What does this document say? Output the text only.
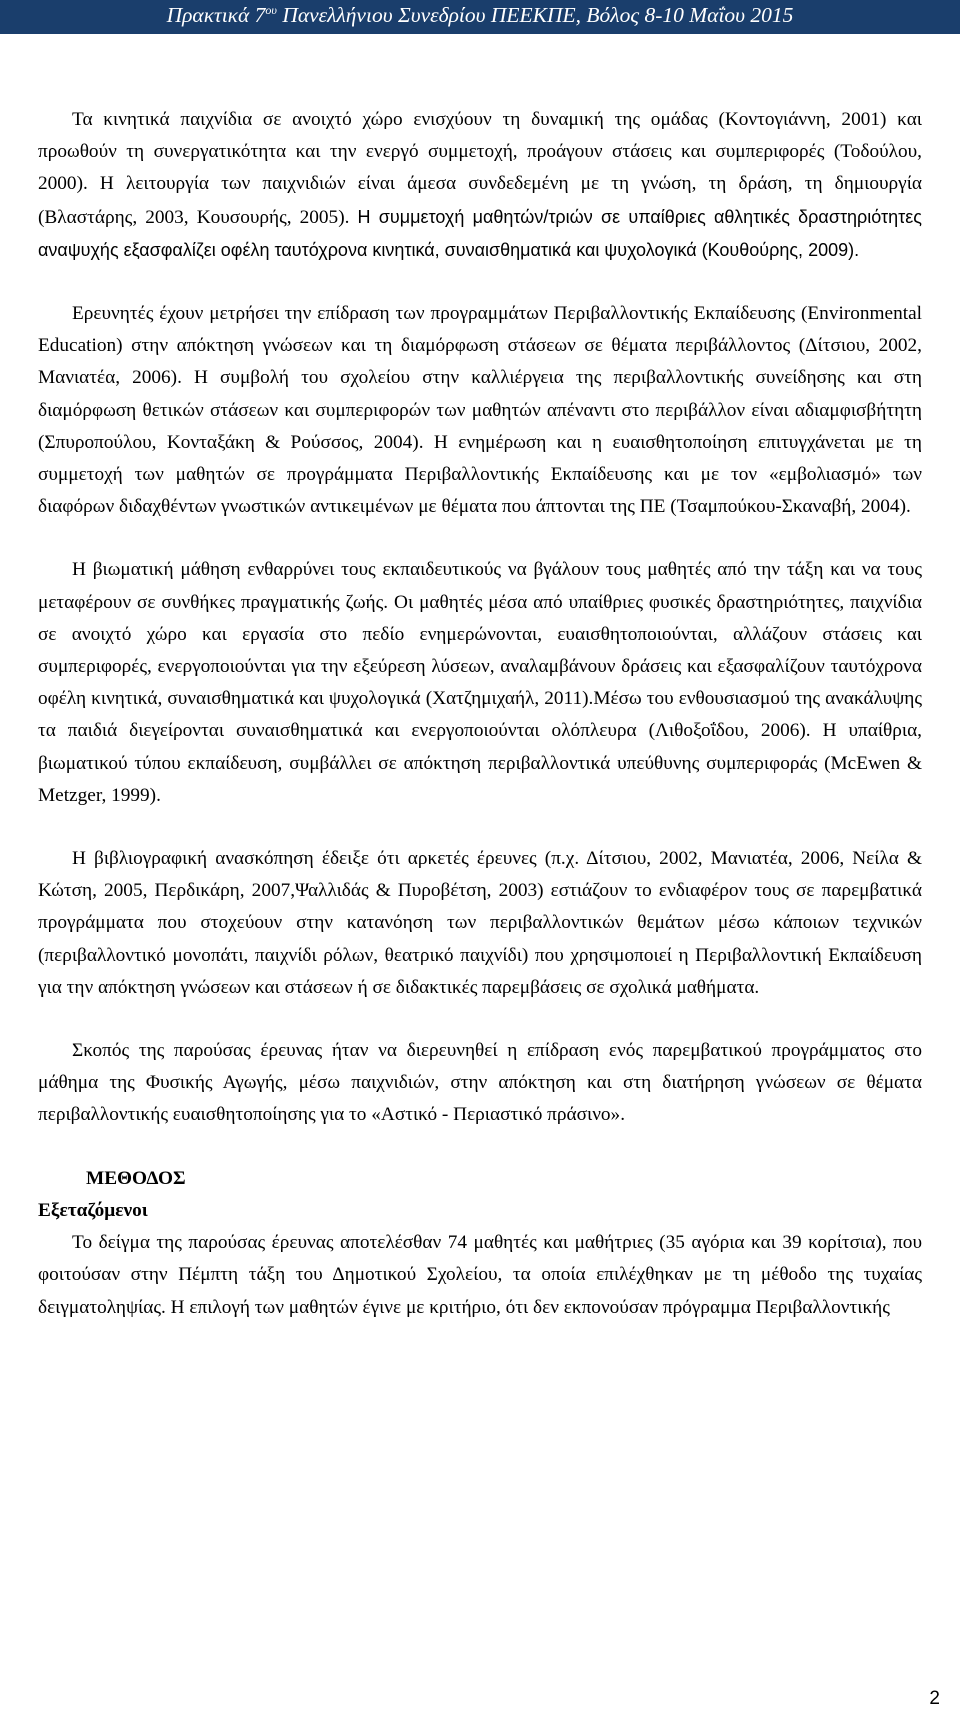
Πρακτικά $7^{o\upsilon}$ Πανελλήνιου Συνεδρίου ΠΕΕΚΠΕ, Βόλος 8-10 Μαΐου 2015

Τα κινητικά παιχνίδια σε ανοιχτό χώρο ενισχύουν τη δυναμική της ομάδας (Κοντογιάννη, 2001) και προωθούν τη συνεργατικότητα και την ενεργό συμμετοχή, προάγουν στάσεις και συμπεριφορές (Τοδούλου, 2000). Η λειτουργία των παιχνιδιών είναι άμεσα συνδεδεμένη με τη γνώση, τη δράση, τη δημιουργία (Βλαστάρης, 2003, Κουσουρής, 2005). Η συμμετοχή μαθητών/τριών σε υπαίθριες αθλητικές δραστηριότητες αναψυχής εξασφαλίζει οφέλη ταυτόχρονα κινητικά, συναισθηματικά και ψυχολογικά (Κουθούρης, 2009).

Ερευνητές έχουν μετρήσει την επίδραση των προγραμμάτων Περιβαλλοντικής Εκπαίδευσης (Environmental Education) στην απόκτηση γνώσεων και τη διαμόρφωση στάσεων σε θέματα περιβάλλοντος (Δίτσιου, 2002, Μανιατέα, 2006). Η συμβολή του σχολείου στην καλλιέργεια της περιβαλλοντικής συνείδησης και στη διαμόρφωση θετικών στάσεων και συμπεριφορών των μαθητών απέναντι στο περιβάλλον είναι αδιαμφισβήτητη (Σπυροπούλου, Κονταξάκη & Ρούσσος, 2004). Η ενημέρωση και η ευαισθητοποίηση επιτυγχάνεται με τη συμμετοχή των μαθητών σε προγράμματα Περιβαλλοντικής Εκπαίδευσης και με τον «εμβολιασμό» των διαφόρων διδαχθέντων γνωστικών αντικειμένων με θέματα που άπτονται της ΠΕ (Τσαμπούκου-Σκαναβή, 2004).

Η βιωματική μάθηση ενθαρρύνει τους εκπαιδευτικούς να βγάλουν τους μαθητές από την τάξη και να τους μεταφέρουν σε συνθήκες πραγματικής ζωής. Οι μαθητές μέσα από υπαίθριες φυσικές δραστηριότητες, παιχνίδια σε ανοιχτό χώρο και εργασία στο πεδίο ενημερώνονται, ευαισθητοποιούνται, αλλάζουν στάσεις και συμπεριφορές, ενεργοποιούνται για την εξεύρεση λύσεων, αναλαμβάνουν δράσεις και εξασφαλίζουν ταυτόχρονα οφέλη κινητικά, συναισθηματικά και ψυχολογικά (Χατζημιχαήλ, 2011).Μέσω του ενθουσιασμού της ανακάλυψης τα παιδιά διεγείρονται συναισθηματικά και ενεργοποιούνται ολόπλευρα (Λιθοξοΐδου, 2006). Η υπαίθρια, βιωματικού τύπου εκπαίδευση, συμβάλλει σε απόκτηση περιβαλλοντικά υπεύθυνης συμπεριφοράς (McEwen & Metzger, 1999).

Η βιβλιογραφική ανασκόπηση έδειξε ότι αρκετές έρευνες (π.χ. Δίτσιου, 2002, Μανιατέα, 2006, Νείλα & Κώτση, 2005, Περδικάρη, 2007,Ψαλλιδάς & Πυροβέτση, 2003) εστιάζουν το ενδιαφέρον τους σε παρεμβατικά προγράμματα που στοχεύουν στην κατανόηση των περιβαλλοντικών θεμάτων μέσω κάποιων τεχνικών (περιβαλλοντικό μονοπάτι, παιχνίδι ρόλων, θεατρικό παιχνίδι) που χρησιμοποιεί η Περιβαλλοντική Εκπαίδευση για την απόκτηση γνώσεων και στάσεων ή σε διδακτικές παρεμβάσεις σε σχολικά μαθήματα.

Σκοπός της παρούσας έρευνας ήταν να διερευνηθεί η επίδραση ενός παρεμβατικού προγράμματος στο μάθημα της Φυσικής Αγωγής, μέσω παιχνιδιών, στην απόκτηση και στη διατήρηση γνώσεων σε θέματα περιβαλλοντικής ευαισθητοποίησης για το «Αστικό - Περιαστικό πράσινο».

ΜΕΘΟΔΟΣ

Εξεταζόμενοι

Το δείγμα της παρούσας έρευνας αποτελέσθαν 74 μαθητές και μαθήτριες (35 αγόρια και 39 κορίτσια), που φοιτούσαν στην Πέμπτη τάξη του Δημοτικού Σχολείου, τα οποία επιλέχθηκαν με τη μέθοδο της τυχαίας δειγματοληψίας. Η επιλογή των μαθητών έγινε με κριτήριο, ότι δεν εκπονούσαν πρόγραμμα Περιβαλλοντικής

2
